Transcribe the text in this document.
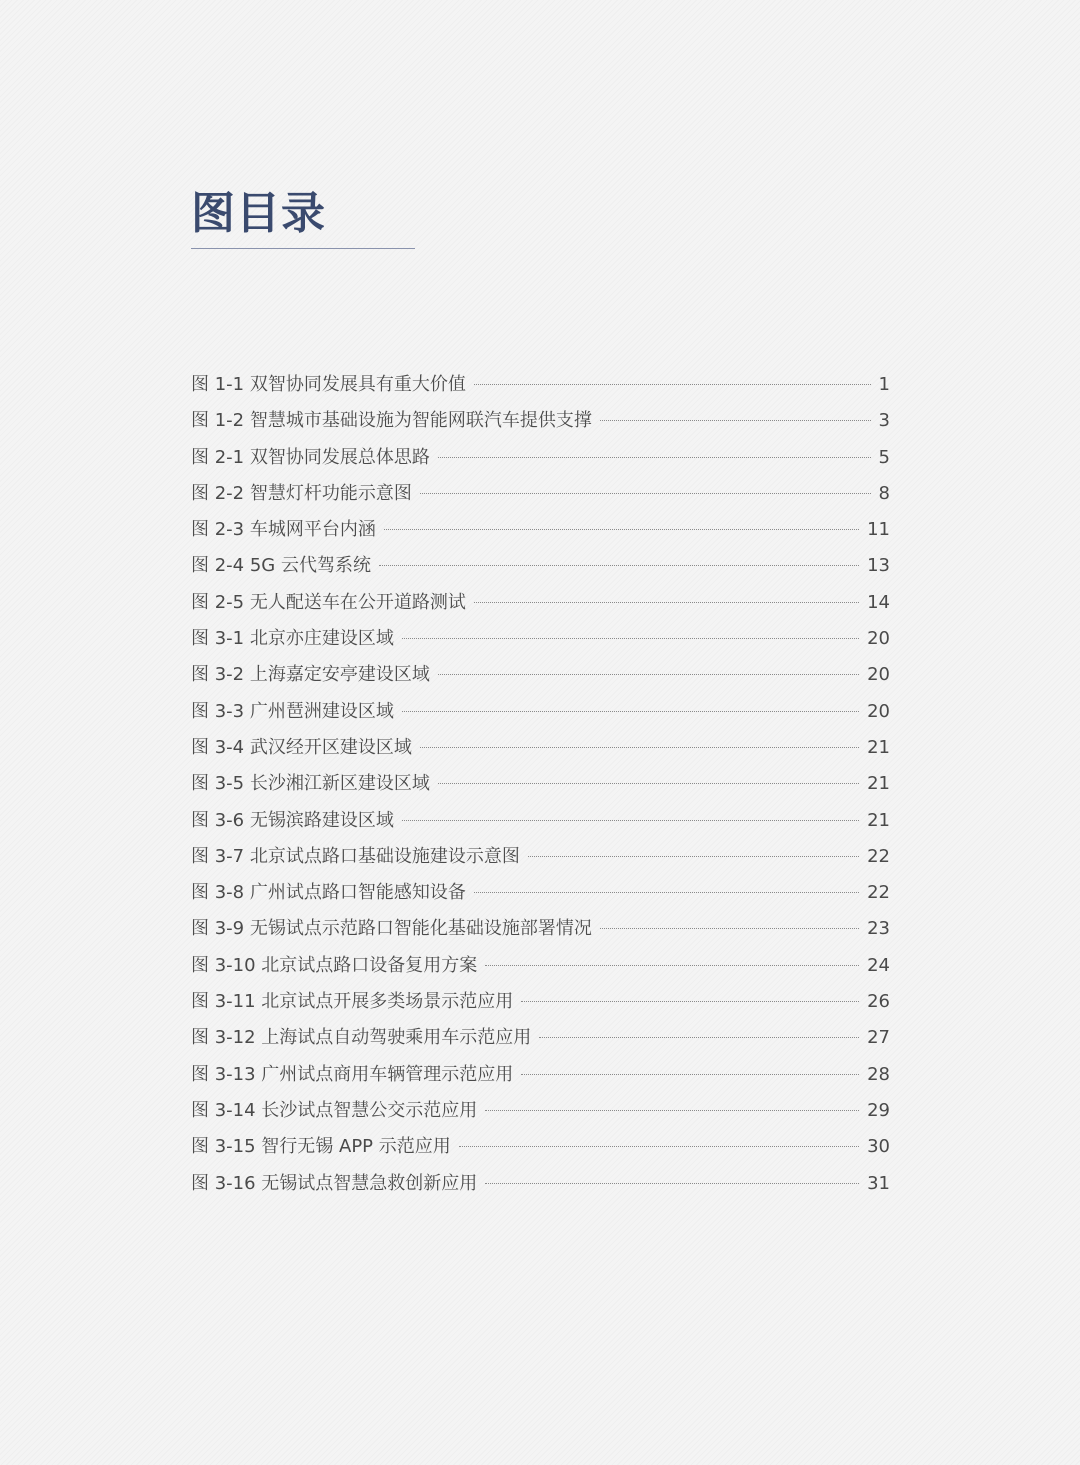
图目录
图 1-1 双智协同发展具有重大价值	1
图 1-2 智慧城市基础设施为智能网联汽车提供支撑	3
图 2-1 双智协同发展总体思路	5
图 2-2 智慧灯杆功能示意图	8
图 2-3 车城网平台内涵	11
图 2-4 5G 云代驾系统	13
图 2-5 无人配送车在公开道路测试	14
图 3-1 北京亦庄建设区域	20
图 3-2 上海嘉定安亭建设区域	20
图 3-3 广州琶洲建设区域	20
图 3-4 武汉经开区建设区域	21
图 3-5 长沙湘江新区建设区域	21
图 3-6 无锡滨路建设区域	21
图 3-7 北京试点路口基础设施建设示意图	22
图 3-8 广州试点路口智能感知设备	22
图 3-9 无锡试点示范路口智能化基础设施部署情况	23
图 3-10 北京试点路口设备复用方案	24
图 3-11 北京试点开展多类场景示范应用	26
图 3-12 上海试点自动驾驶乘用车示范应用	27
图 3-13 广州试点商用车辆管理示范应用	28
图 3-14 长沙试点智慧公交示范应用	29
图 3-15 智行无锡 APP 示范应用	30
图 3-16 无锡试点智慧急救创新应用	31
